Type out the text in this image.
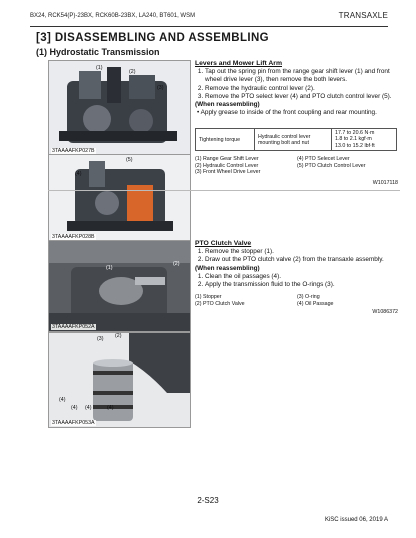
BX24, RCK54(P)-23BX, RCK60B-23BX, LA240, BT601, WSM	TRANSAXLE
[3] DISASSEMBLING AND ASSEMBLING
(1) Hydrostatic Transmission
(1)
(2)
(3)
3TAAAAFKP027B
(5)
(4)
3TAAAAFKP028B
(1)
(2)
3TAAAAFKP052A
(3) (2)
(4)
(4) (4)	(4)
3TAAAAFKP053A
Levers and Mower Lift Arm
1. Tap out the spring pin from the range gear shift lever (1) and front wheel drive lever (3), then remove the both levers.
2. Remove the hydraulic control lever (2).
3. Remove the PTO select lever (4) and PTO clutch control lever (5).
(When reassembling)
• Apply grease to inside of the front coupling and rear mounting.
Tightening torque	Hydraulic control lever mounting bolt and nut	
17.7 to 20.6 N·m
1.8 to 2.1 kgf·m
13.0 to 15.2 lbf·ft
(1) Range Gear Shift Lever
(2) Hydraulic Control Lever
(3) Front Wheel Drive Lever
(4) PTO Selecet Lever
(5) PTO Clutch Control Lever
W1017118
PTO Clutch Valve
1. Remove the stopper (1).
2. Draw out the PTO clutch valve (2) from the transaxle assembly.
(When reassembling)
1. Clean the oil passages (4).
2. Apply the transmission fluid to the O-rings (3).
(1) Stopper
(2) PTO Clutch Valve
(3) O-ring
(4) Oil Passage
W1086372
2-S23
KiSC issued 06, 2019 A
